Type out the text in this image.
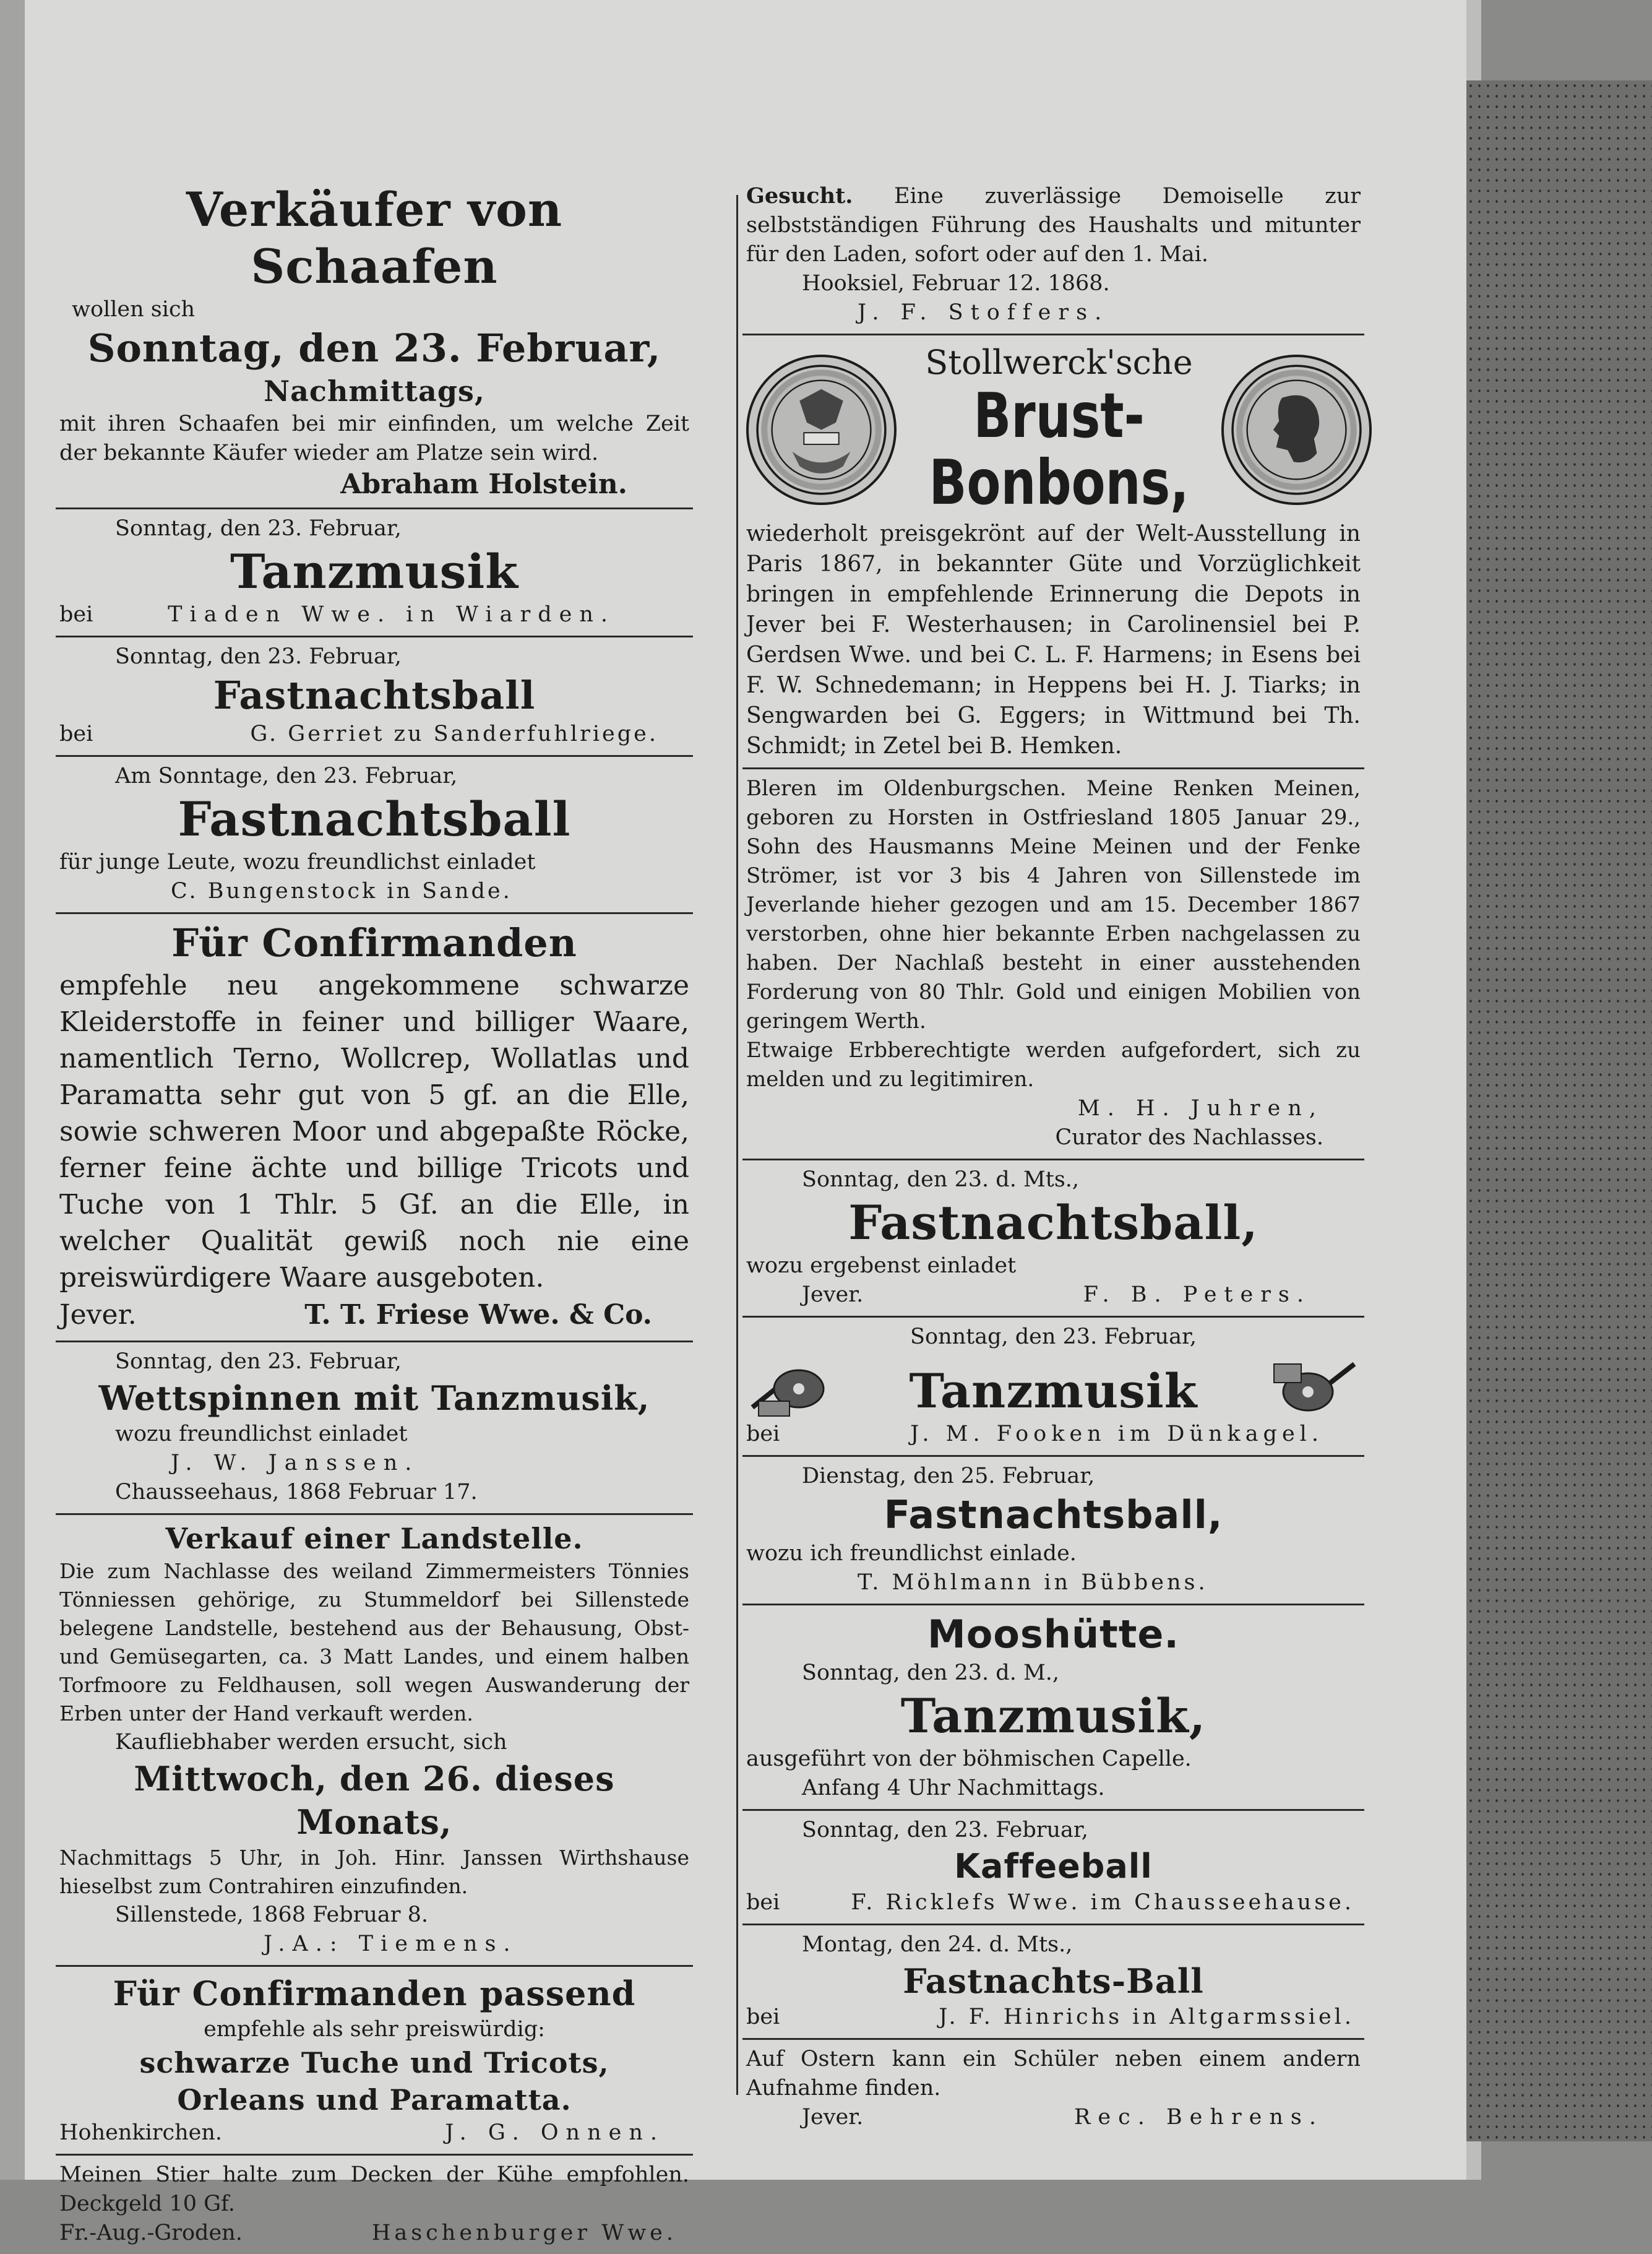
Verkäufer von Schaafen
wollen sich
Sonntag, den 23. Februar,
Nachmittags,
mit ihren Schaafen bei mir einfinden, um welche Zeit der bekannte Käufer wieder am Platze sein wird.
Abraham Holstein.
Sonntag, den 23. Februar,
Tanzmusik
bei	Tiaden Wwe. in Wiarden.
Sonntag, den 23. Februar,
Fastnachtsball
bei	G. Gerriet zu Sanderfuhlriege.
Am Sonntage, den 23. Februar,
Fastnachtsball
für junge Leute, wozu freundlichst einladet
C. Bungenstock in Sande.
Für Confirmanden
empfehle neu angekommene schwarze Kleiderstoffe in feiner und billiger Waare, namentlich Terno, Wollcrep, Wollatlas und Paramatta sehr gut von 5 gf. an die Elle, sowie schweren Moor und abgepaßte Röcke, ferner feine ächte und billige Tricots und Tuche von 1 Thlr. 5 Gf. an die Elle, in welcher Qualität gewiß noch nie eine preiswürdigere Waare ausgeboten.
Jever.	T. T. Friese Wwe. & Co.
Sonntag, den 23. Februar,
Wettspinnen mit Tanzmusik,
wozu freundlichst einladet
J. W. Janssen.
Chausseehaus, 1868 Februar 17.
Verkauf einer Landstelle.
Die zum Nachlasse des weiland Zimmermeisters Tönnies Tönniessen gehörige, zu Stummeldorf bei Sillenstede belegene Landstelle, bestehend aus der Behausung, Obst- und Gemüsegarten, ca. 3 Matt Landes, und einem halben Torfmoore zu Feldhausen, soll wegen Auswanderung der Erben unter der Hand verkauft werden.
Kaufliebhaber werden ersucht, sich
Mittwoch, den 26. dieses Monats,
Nachmittags 5 Uhr, in Joh. Hinr. Janssen Wirthshause hieselbst zum Contrahiren einzufinden.
Sillenstede, 1868 Februar 8.
J.A.: Tiemens.
Für Confirmanden passend
empfehle als sehr preiswürdig:
schwarze Tuche und Tricots,
Orleans und Paramatta.
Hohenkirchen.	J. G. Onnen.
Meinen Stier halte zum Decken der Kühe empfohlen. Deckgeld 10 Gf.
Fr.-Aug.-Groden.	Haschenburger Wwe.
Gesucht. Eine zuverlässige Demoiselle zur selbstständigen Führung des Haushalts und mitunter für den Laden, sofort oder auf den 1. Mai.
Hooksiel, Februar 12. 1868.
J. F. Stoffers.
Stollwerck'sche
Brust-
Bonbons,
wiederholt preisgekrönt auf der Welt-Ausstellung in Paris 1867, in bekannter Güte und Vorzüglichkeit bringen in empfehlende Erinnerung die Depots in Jever bei F. Westerhausen; in Carolinensiel bei P. Gerdsen Wwe. und bei C. L. F. Harmens; in Esens bei F. W. Schnedemann; in Heppens bei H. J. Tiarks; in Sengwarden bei G. Eggers; in Wittmund bei Th. Schmidt; in Zetel bei B. Hemken.
Bleren im Oldenburgschen. Meine Renken Meinen, geboren zu Horsten in Ostfriesland 1805 Januar 29., Sohn des Hausmanns Meine Meinen und der Fenke Strömer, ist vor 3 bis 4 Jahren von Sillenstede im Jeverlande hieher gezogen und am 15. December 1867 verstorben, ohne hier bekannte Erben nachgelassen zu haben. Der Nachlaß besteht in einer ausstehenden Forderung von 80 Thlr. Gold und einigen Mobilien von geringem Werth.
Etwaige Erbberechtigte werden aufgefordert, sich zu melden und zu legitimiren.
M. H. Juhren,
Curator des Nachlasses.
Sonntag, den 23. d. Mts.,
Fastnachtsball,
wozu ergebenst einladet
Jever.	F. B. Peters.
Sonntag, den 23. Februar,
Tanzmusik
bei	J. M. Fooken im Dünkagel.
Dienstag, den 25. Februar,
Fastnachtsball,
wozu ich freundlichst einlade.
T. Möhlmann in Bübbens.
Mooshütte.
Sonntag, den 23. d. M.,
Tanzmusik,
ausgeführt von der böhmischen Capelle.
Anfang 4 Uhr Nachmittags.
Sonntag, den 23. Februar,
Kaffeeball
bei	F. Ricklefs Wwe. im Chausseehause.
Montag, den 24. d. Mts.,
Fastnachts-Ball
bei	J. F. Hinrichs in Altgarmssiel.
Auf Ostern kann ein Schüler neben einem andern Aufnahme finden.
Jever.	Rec. Behrens.
